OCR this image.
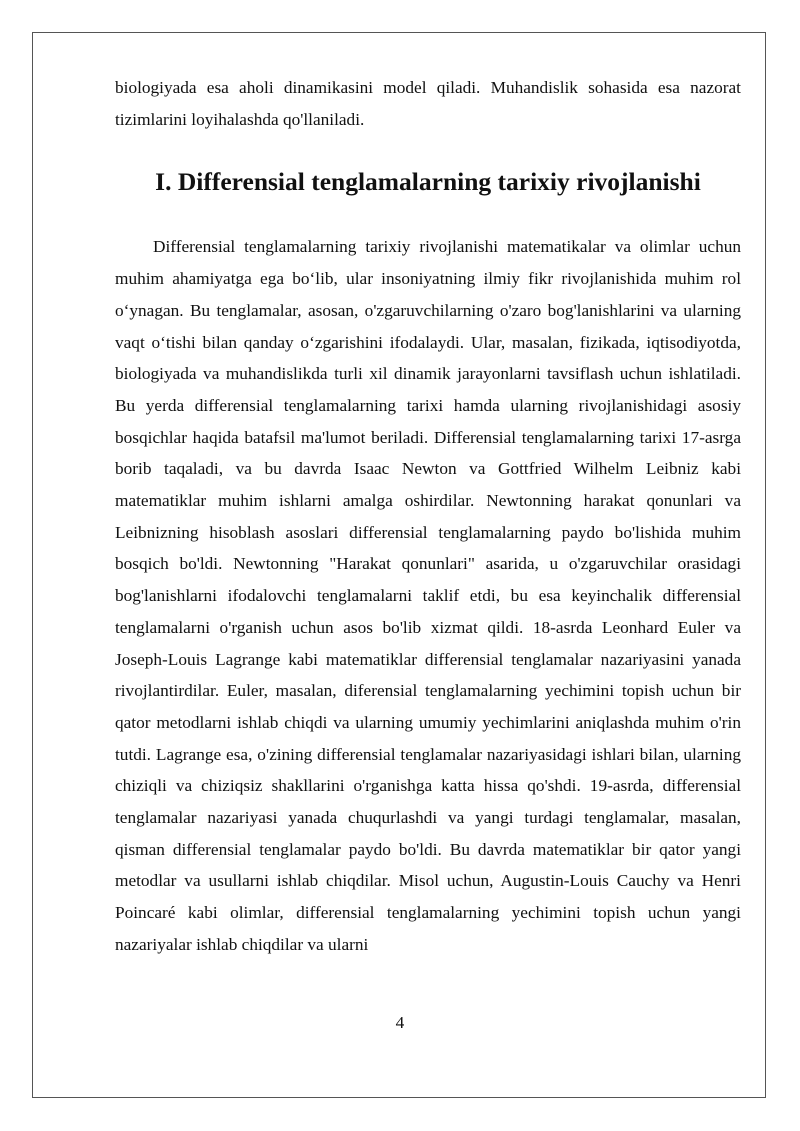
biologiyada esa aholi dinamikasini model qiladi. Muhandislik sohasida esa nazorat tizimlarini loyihalashda qo'llaniladi.

I. Differensial tenglamalarning tarixiy rivojlanishi

Differensial tenglamalarning tarixiy rivojlanishi matematikalar va olimlar uchun muhim ahamiyatga ega bo‘lib, ular insoniyatning ilmiy fikr rivojlanishida muhim rol o‘ynagan. Bu tenglamalar, asosan, o'zgaruvchilarning o'zaro bog'lanishlarini va ularning vaqt o‘tishi bilan qanday o‘zgarishini ifodalaydi. Ular, masalan, fizikada, iqtisodiyotda, biologiyada va muhandislikda turli xil dinamik jarayonlarni tavsiflash uchun ishlatiladi. Bu yerda differensial tenglamalarning tarixi hamda ularning rivojlanishidagi asosiy bosqichlar haqida batafsil ma'lumot beriladi. Differensial tenglamalarning tarixi 17-asrga borib taqaladi, va bu davrda Isaac Newton va Gottfried Wilhelm Leibniz kabi matematiklar muhim ishlarni amalga oshirdilar. Newtonning harakat qonunlari va Leibnizning hisoblash asoslari differensial tenglamalarning paydo bo'lishida muhim bosqich bo'ldi. Newtonning "Harakat qonunlari" asarida, u o'zgaruvchilar orasidagi bog'lanishlarni ifodalovchi tenglamalarni taklif etdi, bu esa keyinchalik differensial tenglamalarni o'rganish uchun asos bo'lib xizmat qildi. 18-asrda Leonhard Euler va Joseph-Louis Lagrange kabi matematiklar differensial tenglamalar nazariyasini yanada rivojlantirdilar. Euler, masalan, diferensial tenglamalarning yechimini topish uchun bir qator metodlarni ishlab chiqdi va ularning umumiy yechimlarini aniqlashda muhim o'rin tutdi. Lagrange esa, o'zining differensial tenglamalar nazariyasidagi ishlari bilan, ularning chiziqli va chiziqsiz shakllarini o'rganishga katta hissa qo'shdi. 19-asrda, differensial tenglamalar nazariyasi yanada chuqurlashdi va yangi turdagi tenglamalar, masalan, qisman differensial tenglamalar paydo bo'ldi. Bu davrda matematiklar bir qator yangi metodlar va usullarni ishlab chiqdilar. Misol uchun, Augustin-Louis Cauchy va Henri Poincaré kabi olimlar, differensial tenglamalarning yechimini topish uchun yangi nazariyalar ishlab chiqdilar va ularni

4
